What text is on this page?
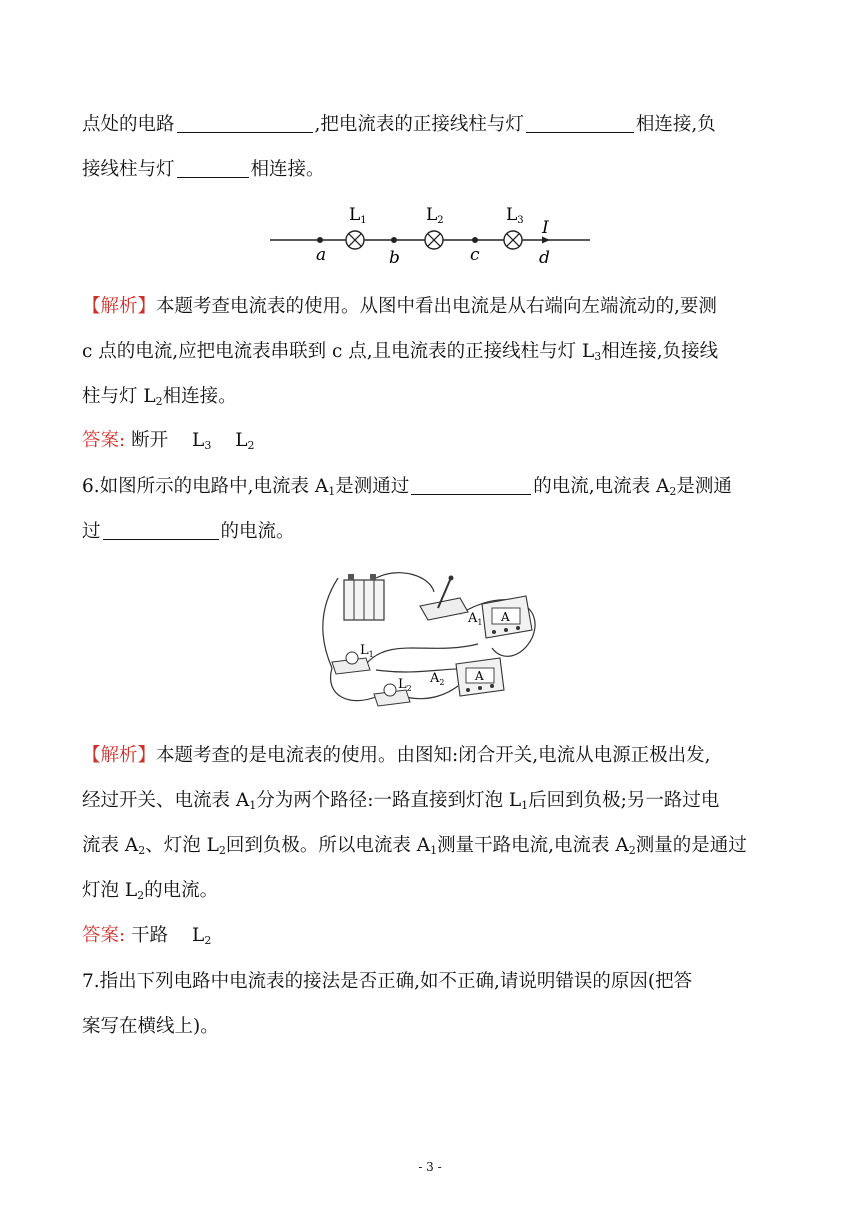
点处的电路	,把电流表的正接线柱与灯	相连接,负
接线柱与灯	相连接。
L1	L2	L3 I
a	b	c	d
【解析】本题考查电流表的使用。从图中看出电流是从右端向左端流动的,要测
c 点的电流,应把电流表串联到 c 点,且电流表的正接线柱与灯 $L_3$相连接,负接线
柱与灯 $L_2$相连接。
答案: 断开 $L_3$ $L_2$
6.如图所示的电路中,电流表 $A_1$是测通过	的电流,电流表 $A_2$是测通
过	的电流。
A
$A_1$
A
$A_2$
$L_1$
$L_2$
【解析】本题考查的是电流表的使用。由图知:闭合开关,电流从电源正极出发,
经过开关、电流表 $A_1$分为两个路径:一路直接到灯泡 $L_1$后回到负极;另一路过电
流表 $A_2$、灯泡 $L_2$回到负极。所以电流表 $A_1$测量干路电流,电流表 $A_2$测量的是通过
灯泡 $L_2$的电流。
答案: 干路 $L_2$
7.指出下列电路中电流表的接法是否正确,如不正确,请说明错误的原因(把答
案写在横线上)。
- 3 -
